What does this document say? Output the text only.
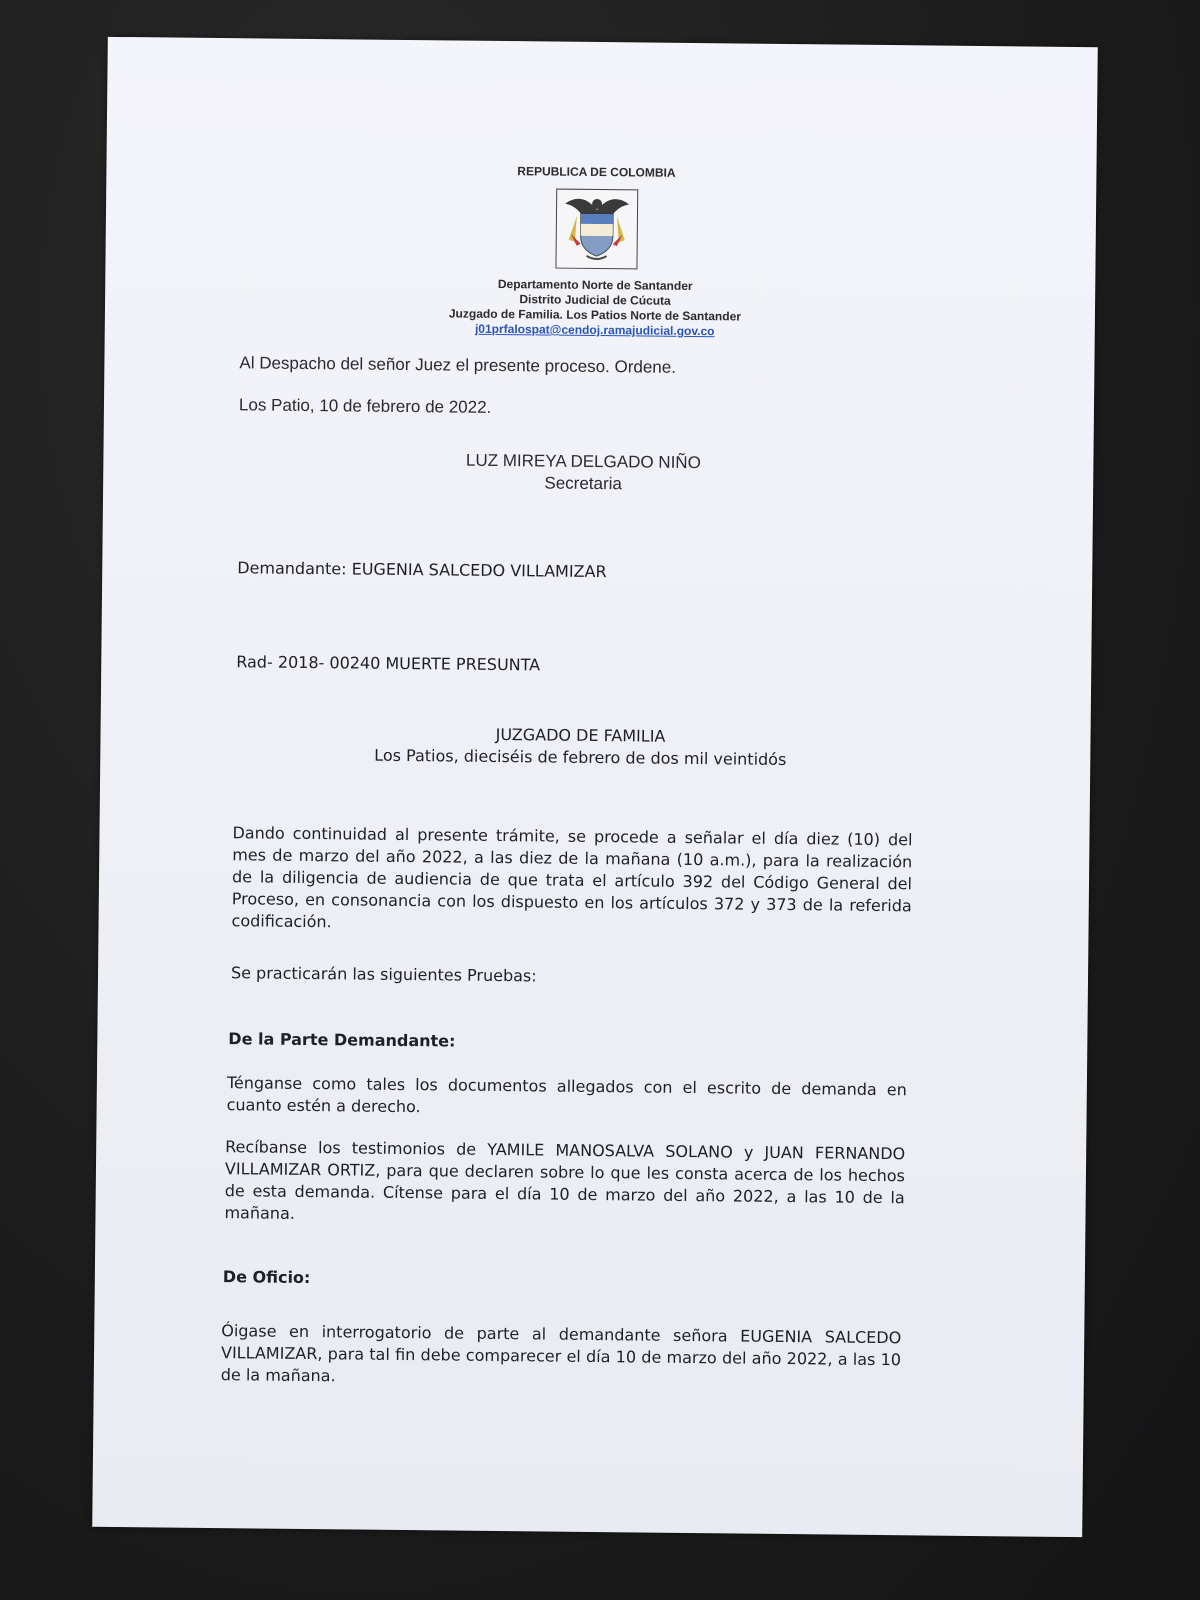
REPUBLICA DE COLOMBIA
Departamento Norte de Santander
Distrito Judicial de Cúcuta
Juzgado de Familia. Los Patios Norte de Santander
j01prfalospat@cendoj.ramajudicial.gov.co
Al Despacho del señor Juez el presente proceso. Ordene.
Los Patio, 10 de febrero de 2022.
LUZ MIREYA DELGADO NIÑO
Secretaria
Demandante: EUGENIA SALCEDO VILLAMIZAR
Rad- 2018- 00240 MUERTE PRESUNTA
JUZGADO DE FAMILIA
Los Patios, dieciséis de febrero de dos mil veintidós
Dando continuidad al presente trámite, se procede a señalar el día diez (10) del mes de marzo del año 2022, a las diez de la mañana (10 a.m.), para la realización de la diligencia de audiencia de que trata el artículo 392 del Código General del Proceso, en consonancia con los dispuesto en los artículos 372 y 373 de la referida codificación.
Se practicarán las siguientes Pruebas:
De la Parte Demandante:
Ténganse como tales los documentos allegados con el escrito de demanda en cuanto estén a derecho.
Recíbanse los testimonios de YAMILE MANOSALVA SOLANO y JUAN FERNANDO VILLAMIZAR ORTIZ, para que declaren sobre lo que les consta acerca de los hechos de esta demanda. Cítense para el día 10 de marzo del año 2022, a las 10 de la mañana.
De Oficio:
Óigase en interrogatorio de parte al demandante señora EUGENIA SALCEDO VILLAMIZAR, para tal fin debe comparecer el día 10 de marzo del año 2022, a las 10 de la mañana.
